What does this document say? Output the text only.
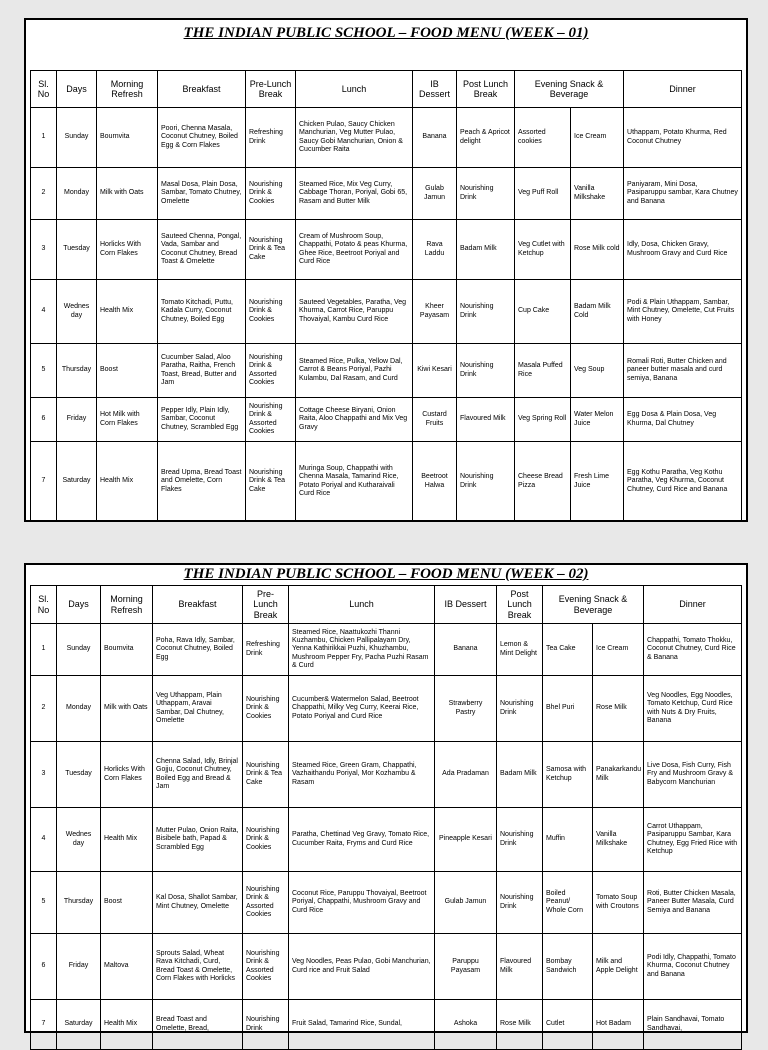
THE INDIAN PUBLIC SCHOOL – FOOD MENU (WEEK – 01)
Sl. No	Days	Morning Refresh	Breakfast	Pre-Lunch Break	Lunch	IB Dessert	Post Lunch Break	Evening Snack & Beverage		Dinner
1	Sunday	Bournvita	Poori, Chenna Masala, Coconut Chutney, Boiled Egg & Corn Flakes	Refreshing Drink	Chicken Pulao, Saucy Chicken Manchurian, Veg Mutter Pulao, Saucy Gobi Manchurian, Onion & Cucumber Raita	Banana	Peach & Apricot delight	Assorted cookies	Ice Cream	Uthappam, Potato Khurma, Red Coconut Chutney
2	Monday	Milk with Oats	Masal Dosa, Plain Dosa, Sambar, Tomato Chutney, Omelette	Nourishing Drink & Cookies	Steamed Rice, Mix Veg Curry, Cabbage Thoran, Poriyal, Gobi 65, Rasam and Butter Milk	Gulab Jamun	Nourishing Drink	Veg Puff Roll	Vanilla Milkshake	Paniyaram, Mini Dosa, Pasiparuppu sambar, Kara Chutney and Banana
3	Tuesday	Horlicks With Corn Flakes	Sauteed Chenna, Pongal, Vada, Sambar and Coconut Chutney, Bread Toast & Omelette	Nourishing Drink & Tea Cake	Cream of Mushroom Soup, Chappathi, Potato & peas Khurma, Ghee Rice, Beetroot Poriyal and Curd Rice	Rava Laddu	Badam Milk	Veg Cutlet with Ketchup	Rose Milk cold	Idly, Dosa, Chicken Gravy, Mushroom Gravy and Curd Rice
4	Wednes day	Health Mix	Tomato Kitchadi, Puttu, Kadala Curry, Coconut Chutney, Boiled Egg	Nourishing Drink & Cookies	Sauteed Vegetables, Paratha, Veg Khurma, Carrot Rice, Paruppu Thovaiyal, Kambu Curd Rice	Kheer Payasam	Nourishing Drink	Cup Cake	Badam Milk Cold	Podi & Plain Uthappam, Sambar, Mint Chutney, Omelette, Cut Fruits with Honey
5	Thursday	Boost	Cucumber Salad, Aloo Paratha, Raitha, French Toast, Bread, Butter and Jam	Nourishing Drink & Assorted Cookies	Steamed Rice, Pulka, Yellow Dal, Carrot & Beans Poriyal, Pazhi Kulambu, Dal Rasam, and Curd	Kiwi Kesari	Nourishing Drink	Masala Puffed Rice	Veg Soup	Romali Roti, Butter Chicken and paneer butter masala and curd semiya, Banana
6	Friday	Hot Milk with Corn Flakes	Pepper Idly, Plain Idly, Sambar, Coconut Chutney, Scrambled Egg	Nourishing Drink & Assorted Cookies	Cottage Cheese Biryani, Onion Raita, Aloo Chappathi and Mix Veg Gravy	Custard Fruits	Flavoured Milk	Veg Spring Roll	Water Melon Juice	Egg Dosa & Plain Dosa, Veg Khurma, Dal Chutney
7	Saturday	Health Mix	Bread Upma, Bread Toast and Omelette, Corn Flakes	Nourishing Drink & Tea Cake	Muringa Soup, Chappathi with Chenna Masala, Tamarind Rice, Potato Poriyal and Kutharaivali Curd Rice	Beetroot Halwa	Nourishing Drink	Cheese Bread Pizza	Fresh Lime Juice	Egg Kothu Paratha, Veg Kothu Paratha, Veg Khurma, Coconut Chutney, Curd Rice and Banana
THE INDIAN PUBLIC SCHOOL – FOOD MENU (WEEK – 02)
Sl. No	Days	Morning Refresh	Breakfast	Pre-Lunch Break	Lunch	IB Dessert	Post Lunch Break	Evening Snack & Beverage		Dinner
1	Sunday	Bournvita	Poha, Rava Idly, Sambar, Coconut Chutney, Boiled Egg	Refreshing Drink	Steamed Rice, Naattukozhi Thanni Kuzhambu, Chicken Pallipalayam Dry, Yenna Kathirikkai Puzhi, Khuzhambu, Mushroom Pepper Fry, Pacha Puzhi Rasam & Curd	Banana	Lemon & Mint Delight	Tea Cake	Ice Cream	Chappathi, Tomato Thokku, Coconut Chutney, Curd Rice & Banana
2	Monday	Milk with Oats	Veg Uthappam, Plain Uthappam, Aravai Sambar, Dal Chutney, Omelette	Nourishing Drink & Cookies	Cucumber& Watermelon Salad, Beetroot Chappathi, Milky Veg Curry, Keerai Rice, Potato Poriyal and Curd Rice	Strawberry Pastry	Nourishing Drink	Bhel Puri	Rose Milk	Veg Noodles, Egg Noodles, Tomato Ketchup, Curd Rice with Nuts & Dry Fruits, Banana
3	Tuesday	Horlicks With Corn Flakes	Chenna Salad, Idly, Brinjal Gojju, Coconut Chutney, Boiled Egg and Bread & Jam	Nourishing Drink & Tea Cake	Steamed Rice, Green Gram, Chappathi, Vazhaithandu Poriyal, Mor Kozhambu & Rasam	Ada Pradaman	Badam Milk	Samosa with Ketchup	Panakarkandu Milk	Live Dosa, Fish Curry, Fish Fry and Mushroom Gravy & Babycorn Manchurian
4	Wednes day	Health Mix	Mutter Pulao, Onion Raita, Bisibele bath, Papad & Scrambled Egg	Nourishing Drink & Cookies	Paratha, Chettinad Veg Gravy, Tomato Rice, Cucumber Raita, Fryms and Curd Rice	Pineapple Kesari	Nourishing Drink	Muffin	Vanilla Milkshake	Carrot Uthappam, Pasiparuppu Sambar, Kara Chutney, Egg Fried Rice with Ketchup
5	Thursday	Boost	Kal Dosa, Shallot Sambar, Mint Chutney, Omelette	Nourishing Drink & Assorted Cookies	Coconut Rice, Paruppu Thovaiyal, Beetroot Poriyal, Chappathi, Mushroom Gravy and Curd Rice	Gulab Jamun	Nourishing Drink	Boiled Peanut/ Whole Corn	Tomato Soup with Croutons	Roti, Butter Chicken Masala, Paneer Butter Masala, Curd Semiya and Banana
6	Friday	Maltova	Sprouts Salad, Wheat Rava Kitchadi, Curd, Bread Toast & Omelette, Corn Flakes with Horlicks	Nourishing Drink & Assorted Cookies	Veg Noodles, Peas Pulao, Gobi Manchurian, Curd rice and Fruit Salad	Paruppu Payasam	Flavoured Milk	Bombay Sandwich	Milk and Apple Delight	Podi Idly, Chappathi, Tomato Khurma, Coconut Chutney and Banana
7	Saturday	Health Mix	Bread Toast and Omelette, Bread,	Nourishing Drink	Fruit Salad, Tamarind Rice, Sundal,	Ashoka	Rose Milk	Cutlet	Hot Badam	Plain Sandhavai, Tomato Sandhavai,
